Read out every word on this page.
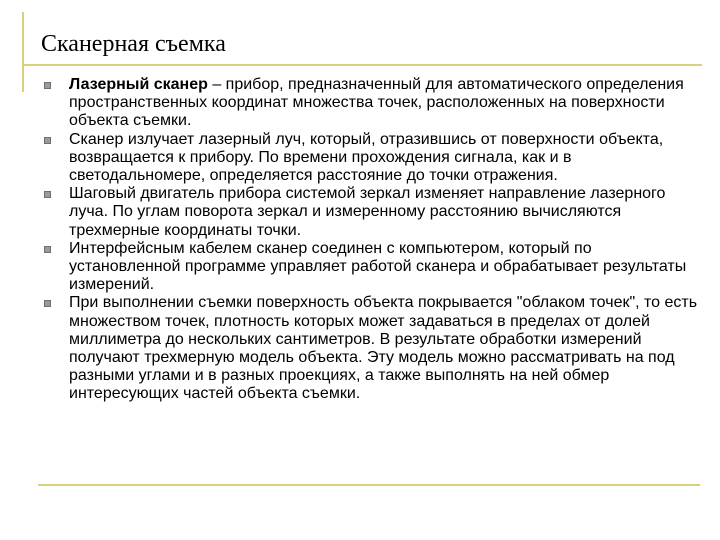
Сканерная съемка
Лазерный сканер – прибор, предназначенный для автоматического определения пространственных координат множества точек, расположенных на поверхности объекта съемки.
Сканер излучает лазерный луч, который, отразившись от поверхности объекта, возвращается к прибору. По времени прохождения сигнала, как и в светодальномере, определяется расстояние до точки отражения.
Шаговый двигатель прибора системой зеркал изменяет направление лазерного луча. По углам поворота зеркал и измеренному расстоянию вычисляются трехмерные координаты точки.
Интерфейсным кабелем сканер соединен с компьютером, который по установленной программе управляет работой сканера и обрабатывает результаты измерений.
При выполнении съемки поверхность объекта покрывается "облаком точек", то есть множеством точек, плотность которых может задаваться в пределах от долей миллиметра до нескольких сантиметров. В результате обработки измерений получают трехмерную модель объекта. Эту модель можно рассматривать на под разными углами и в разных проекциях, а также выполнять на ней обмер интересующих частей объекта съемки.
